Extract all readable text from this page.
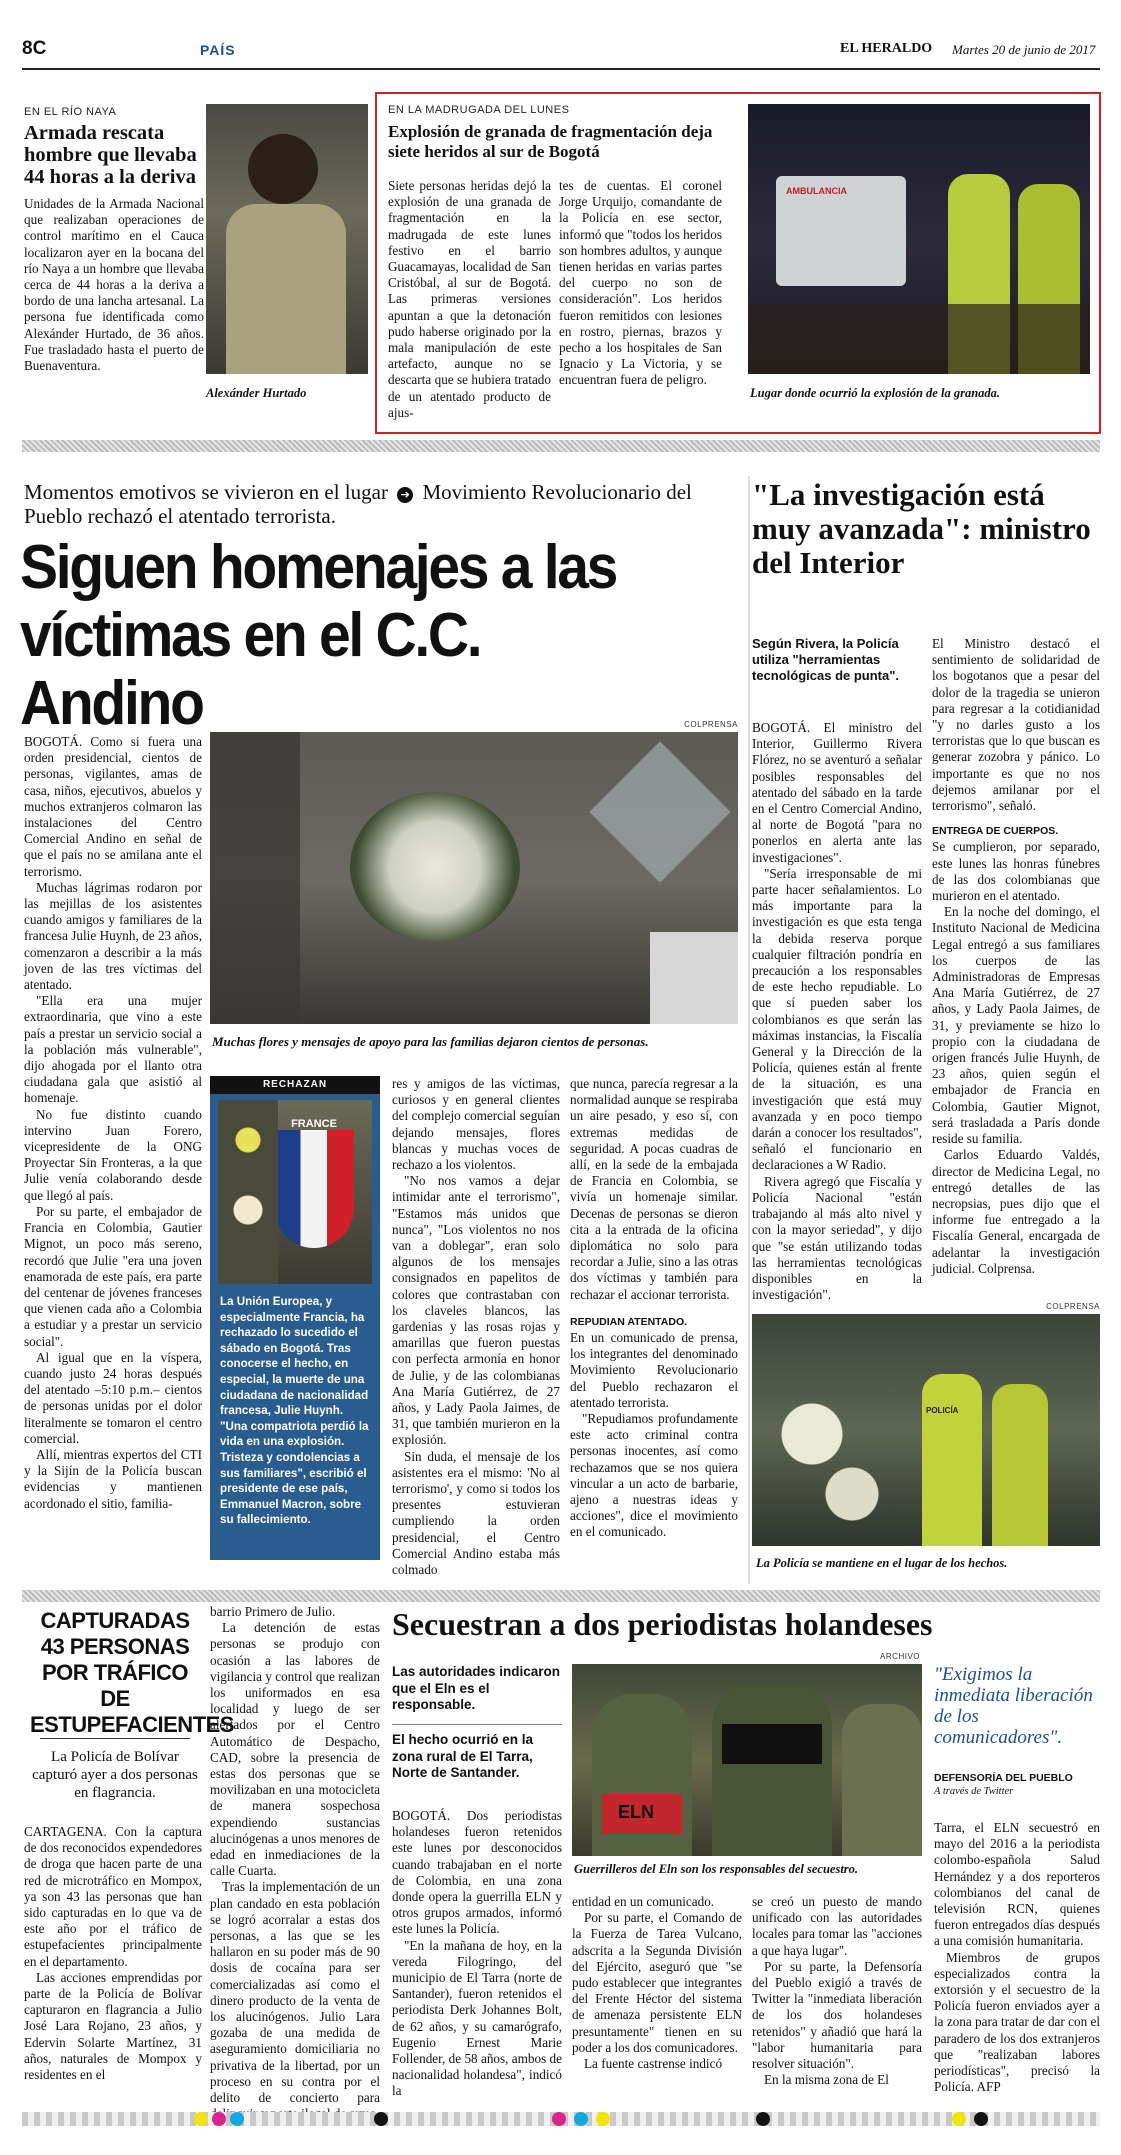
8C	PAÍS	EL HERALDO Martes 20 de junio de 2017
EN EL RÍO NAYA
Armada rescata hombre que llevaba 44 horas a la deriva
Unidades de la Armada Nacional que realizaban operaciones de control marítimo en el Cauca localizaron ayer en la bocana del río Naya a un hombre que llevaba cerca de 44 horas a la deriva a bordo de una lancha artesanal. La persona fue identificada como Alexánder Hurtado, de 36 años. Fue trasladado hasta el puerto de Buenaventura.
Alexánder Hurtado
EN LA MADRUGADA DEL LUNES
Explosión de granada de fragmentación deja siete heridos al sur de Bogotá
Siete personas heridas dejó la explosión de una granada de fragmentación en la madrugada de este lunes festivo en el barrio Guacamayas, localidad de San Cristóbal, al sur de Bogotá. Las primeras versiones apuntan a que la detonación pudo haberse originado por la mala manipulación de este artefacto, aunque no se descarta que se hubiera tratado de un atentado producto de ajus-
tes de cuentas. El coronel Jorge Urquijo, comandante de la Policía en ese sector, informó que "todos los heridos son hombres adultos, y aunque tienen heridas en varias partes del cuerpo no son de consideración". Los heridos fueron remitidos con lesiones en rostro, piernas, brazos y pecho a los hospitales de San Ignacio y La Victoria, y se encuentran fuera de peligro.
AMBULANCIA
Lugar donde ocurrió la explosión de la granada.
Momentos emotivos se vivieron en el lugar ➔ Movimiento Revolucionario del Pueblo rechazó el atentado terrorista.
Siguen homenajes a las
víctimas en el C.C. Andino	COLPRENSA
Muchas flores y mensajes de apoyo para las familias dejaron cientos de personas.

BOGOTÁ. Como si fuera una orden presidencial, cientos de personas, vigilantes, amas de casa, niños, ejecutivos, abuelos y muchos extranjeros colmaron las instalaciones del Centro Comercial Andino en señal de que el país no se amilana ante el terrorismo.

Muchas lágrimas rodaron por las mejillas de los asistentes cuando amigos y familiares de la francesa Julie Huynh, de 23 años, comenzaron a describir a la más joven de las tres víctimas del atentado.

"Ella era una mujer extraordinaria, que vino a este país a prestar un servicio social a la población más vulnerable", dijo ahogada por el llanto otra ciudadana gala que asistió al homenaje.

No fue distinto cuando intervino Juan Forero, vicepresidente de la ONG Proyectar Sin Fronteras, a la que Julie venía colaborando desde que llegó al país.

Por su parte, el embajador de Francia en Colombia, Gautier Mignot, un poco más sereno, recordó que Julie "era una joven enamorada de este país, era parte del centenar de jóvenes franceses que vienen cada año a Colombia a estudiar y a prestar un servicio social".

Al igual que en la víspera, cuando justo 24 horas después del atentado –5:10 p.m.– cientos de personas unidas por el dolor literalmente se tomaron el centro comercial.

Allí, mientras expertos del CTI y la Sijín de la Policía buscan evidencias y mantienen acordonado el sitio, familia-

RECHAZAN
FRANCE
La Unión Europea, y especialmente Francia, ha rechazado lo sucedido el sábado en Bogotá. Tras conocerse el hecho, en especial, la muerte de una ciudadana de nacionalidad francesa, Julie Huynh. "Una compatriota perdió la vida en una explosión. Tristeza y condolencias a sus familiares", escribió el presidente de ese país, Emmanuel Macron, sobre su fallecimiento.

res y amigos de las víctimas, curiosos y en general clientes del complejo comercial seguían dejando mensajes, flores blancas y muchas voces de rechazo a los violentos.

"No nos vamos a dejar intimidar ante el terrorismo", "Estamos más unidos que nunca", "Los violentos no nos van a doblegar", eran solo algunos de los mensajes consignados en papelitos de colores que contrastaban con los claveles blancos, las gardenias y las rosas rojas y amarillas que fueron puestas con perfecta armonía en honor de Julie, y de las colombianas Ana María Gutiérrez, de 27 años, y Lady Paola Jaimes, de 31, que también murieron en la explosión.

Sin duda, el mensaje de los asistentes era el mismo: 'No al terrorismo', y como si todos los presentes estuvieran cumpliendo la orden presidencial, el Centro Comercial Andino estaba más colmado

que nunca, parecía regresar a la normalidad aunque se respiraba un aire pesado, y eso sí, con extremas medidas de seguridad. A pocas cuadras de allí, en la sede de la embajada de Francia en Colombia, se vivía un homenaje similar. Decenas de personas se dieron cita a la entrada de la oficina diplomática no solo para recordar a Julie, sino a las otras dos víctimas y también para rechazar el accionar terrorista.
REPUDIAN ATENTADO.

En un comunicado de prensa, los integrantes del denominado Movimiento Revolucionario del Pueblo rechazaron el atentado terrorista.

"Repudiamos profundamente este acto criminal contra personas inocentes, así como rechazamos que se nos quiera vincular a un acto de barbarie, ajeno a nuestras ideas y acciones", dice el movimiento en el comunicado.

"La investigación está muy avanzada": ministro del Interior
Según Rivera, la Policía utiliza "herramientas tecnológicas de punta".

BOGOTÁ. El ministro del Interior, Guillermo Rivera Flórez, no se aventuró a señalar posibles responsables del atentado del sábado en la tarde en el Centro Comercial Andino, al norte de Bogotá "para no ponerlos en alerta ante las investigaciones".

"Sería irresponsable de mi parte hacer señalamientos. Lo más importante para la investigación es que esta tenga la debida reserva porque cualquier filtración pondría en precaución a los responsables de este hecho repudiable. Lo que sí pueden saber los colombianos es que serán las máximas instancias, la Fiscalía General y la Dirección de la Policía, quienes están al frente de la situación, es una investigación que está muy avanzada y en poco tiempo darán a conocer los resultados", señaló el funcionario en declaraciones a W Radio.

Rivera agregó que Fiscalía y Policía Nacional "están trabajando al más alto nivel y con la mayor seriedad", y dijo que "se están utilizando todas las herramientas tecnológicas disponibles en la investigación".

El Ministro destacó el sentimiento de solidaridad de los bogotanos que a pesar del dolor de la tragedia se unieron para regresar a la cotidianidad "y no darles gusto a los terroristas que lo que buscan es generar zozobra y pánico. Lo importante es que no nos dejemos amilanar por el terrorismo", señaló.
ENTREGA DE CUERPOS.

Se cumplieron, por separado, este lunes las honras fúnebres de las dos colombianas que murieron en el atentado.

En la noche del domingo, el Instituto Nacional de Medicina Legal entregó a sus familiares los cuerpos de las Administradoras de Empresas Ana María Gutiérrez, de 27 años, y Lady Paola Jaimes, de 31, y previamente se hizo lo propio con la ciudadana de origen francés Julie Huynh, de 23 años, quien según el embajador de Francia en Colombia, Gautier Mignot, será trasladada a París donde reside su familia.

Carlos Eduardo Valdés, director de Medicina Legal, no entregó detalles de las necropsias, pues dijo que el informe fue entregado a la Fiscalía General, encargada de adelantar la investigación judicial. Colprensa.

COLPRENSA
POLICÍA
La Policía se mantiene en el lugar de los hechos.
CAPTURADAS 43 PERSONAS POR TRÁFICO DE ESTUPEFACIENTES
La Policía de Bolívar capturó ayer a dos personas en flagrancia.

CARTAGENA. Con la captura de dos reconocidos expendedores de droga que hacen parte de una red de microtráfico en Mompox, ya son 43 las personas que han sido capturadas en lo que va de este año por el tráfico de estupefacientes principalmente en el departamento.

Las acciones emprendidas por parte de la Policía de Bolívar capturaron en flagrancia a Julio José Lara Rojano, 23 años, y Edervin Solarte Martínez, 31 años, naturales de Mompox y residentes en el

barrio Primero de Julio.

La detención de estas personas se produjo con ocasión a las labores de vigilancia y control que realizan los uniformados en esa localidad y luego de ser alertados por el Centro Automático de Despacho, CAD, sobre la presencia de estas dos personas que se movilizaban en una motocicleta de manera sospechosa expendiendo sustancias alucinógenas a unos menores de edad en inmediaciones de la calle Cuarta.

Tras la implementación de un plan candado en esta población se logró acorralar a estas dos personas, a las que se les hallaron en su poder más de 90 dosis de cocaína para ser comercializadas así como el dinero producto de la venta de los alucinógenos. Julio Lara gozaba de una medida de aseguramiento domiciliaria no privativa de la libertad, por un proceso en su contra por el delito de concierto para

Secuestran a dos periodistas holandeses
Las autoridades indicaron que el Eln es el responsable.
El hecho ocurrió en la zona rural de El Tarra, Norte de Santander.

BOGOTÁ. Dos periodistas holandeses fueron retenidos este lunes por desconocidos cuando trabajaban en el norte de Colombia, en una zona donde opera la guerrilla ELN y otros grupos armados, informó este lunes la Policía.

"En la mañana de hoy, en la vereda Filogringo, del municipio de El Tarra (norte de Santander), fueron retenidos el periodista Derk Johannes Bolt, de 62 años, y su camarógrafo, Eugenio Ernest Marie Follender, de 58 años, ambos de nacionalidad holandesa", indicó la

ARCHIVO
ELN
Guerrilleros del Eln son los responsables del secuestro.

entidad en un comunicado.

Por su parte, el Comando de la Fuerza de Tarea Vulcano, adscrita a la Segunda División del Ejército, aseguró que "se pudo establecer que integrantes del Frente Héctor del sistema de amenaza persistente ELN presuntamente" tienen en su poder a los dos comunicadores.

La fuente castrense indicó

se creó un puesto de mando unificado con las autoridades locales para tomar las "acciones a que haya lugar".

Por su parte, la Defensoría del Pueblo exigió a través de Twitter la "inmediata liberación de los dos holandeses retenidos" y añadió que hará la "labor humanitaria para resolver situación".

En la misma zona de El

"Exigimos la inmediata liberación de los comunicadores".
DEFENSORÍA DEL PUEBLO
A través de Twitter

Tarra, el ELN secuestró en mayo del 2016 a la periodista colombo-española Salud Hernández y a dos reporteros colombianos del canal de televisión RCN, quienes fueron entregados días después a una comisión humanitaria.

Miembros de grupos especializados contra la extorsión y el secuestro de la Policía fueron enviados ayer a la zona para tratar de dar con el paradero de los dos extranjeros que "realizaban labores periodísticas", precisó la Policía. AFP
